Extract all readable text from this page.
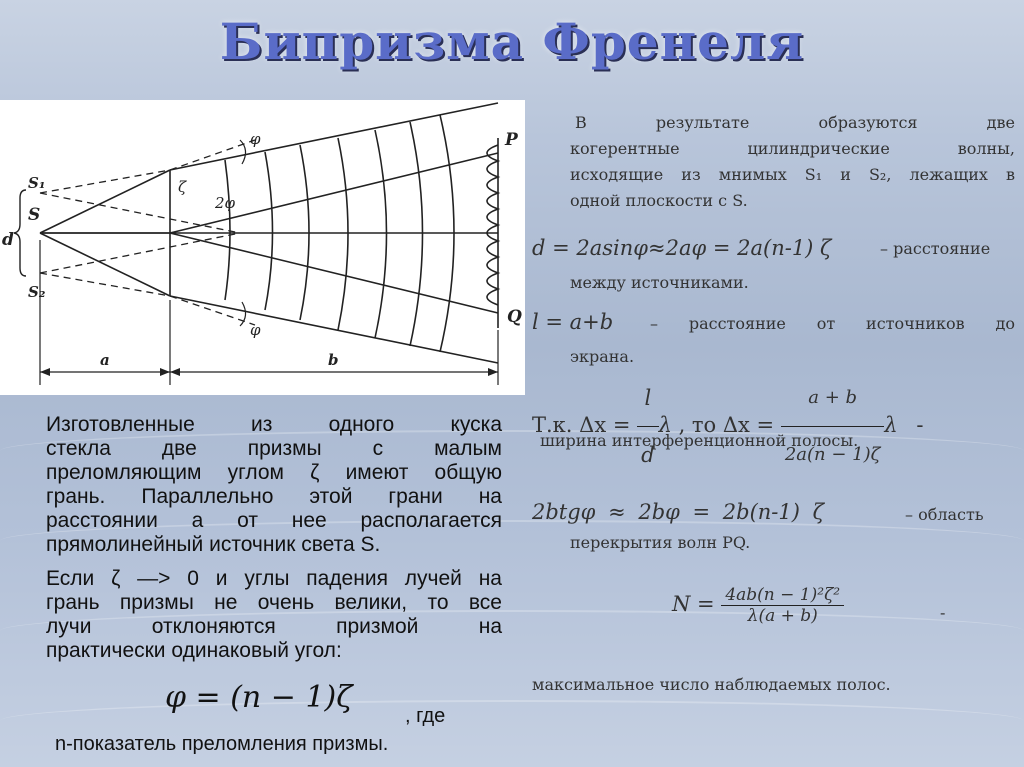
Бипризма Френеля
P
Q
S₁
S
S₂
d
ζ
φ
φ
2φ
a	b
Изготовленные из одного куска
стекла две призмы с малым
преломляющим углом ζ имеют общую
грань. Параллельно этой грани на
расстоянии a от нее располагается
прямолинейный источник света S.
Если ζ —> 0 и углы падения лучей на
грань призмы не очень велики, то все
лучи отклоняются призмой на
практически одинаковый угол:
φ = (n − 1)ζ
, где
n-показатель преломления призмы.
В результате образуются две
когерентные цилиндрические волны,
исходящие из мнимых S₁ и S₂, лежащих в
одной плоскости с S.
d = 2asinφ≈2aφ = 2a(n-1) ζ	– расстояние
между источниками.
l = a+b – расстояние от источников до
экрана.
Т.к. $\Delta x = \frac{l}{d}$ λ , то $\Delta x = \frac{a + b}{2a(n - 1)\zeta}$ λ -
ширина интерференционной полосы.
2btgφ ≈ 2bφ = 2b(n-1) ζ	– область
перекрытия волн PQ.
$N = \frac{\text{4ab(n − 1)²ζ²}}{\lambda(a + b)}$	-
максимальное число наблюдаемых полос.
